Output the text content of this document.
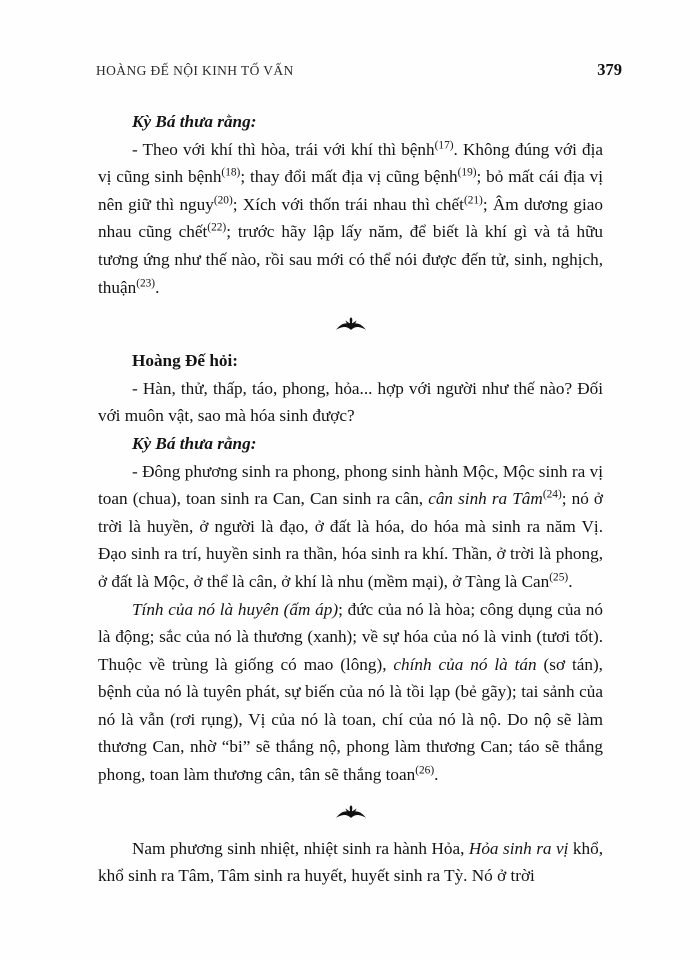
HOÀNG ĐẾ NỘI KINH TỐ VẤN	379

Kỳ Bá thưa rằng:

- Theo với khí thì hòa, trái với khí thì bệnh$^{(17)}$. Không đúng với địa vị cũng sinh bệnh$^{(18)}$; thay đổi mất địa vị cũng bệnh$^{(19)}$; bỏ mất cái địa vị nên giữ thì nguy$^{(20)}$; Xích với thốn trái nhau thì chết$^{(21)}$; Âm dương giao nhau cũng chết$^{(22)}$; trước hãy lập lấy năm, để biết là khí gì và tả hữu tương ứng như thế nào, rồi sau mới có thể nói được đến tử, sinh, nghịch, thuận$^{(23)}$.

Hoàng Đế hỏi:

- Hàn, thử, thấp, táo, phong, hỏa... hợp với người như thế nào? Đối với muôn vật, sao mà hóa sinh được?

Kỳ Bá thưa rằng:

- Đông phương sinh ra phong, phong sinh hành Mộc, Mộc sinh ra vị toan (chua), toan sinh ra Can, Can sinh ra cân, cân sinh ra Tâm$^{(24)}$; nó ở trời là huyền, ở người là đạo, ở đất là hóa, do hóa mà sinh ra năm Vị. Đạo sinh ra trí, huyền sinh ra thần, hóa sinh ra khí. Thần, ở trời là phong, ở đất là Mộc, ở thể là cân, ở khí là nhu (mềm mại), ở Tàng là Can$^{(25)}$.

Tính của nó là huyên (ấm áp); đức của nó là hòa; công dụng của nó là động; sắc của nó là thương (xanh); về sự hóa của nó là vinh (tươi tốt). Thuộc về trùng là giống có mao (lông), chính của nó là tán (sơ tán), bệnh của nó là tuyên phát, sự biến của nó là tồi lạp (bẻ gãy); tai sảnh của nó là vẫn (rơi rụng), Vị của nó là toan, chí của nó là nộ. Do nộ sẽ làm thương Can, nhờ “bi” sẽ thắng nộ, phong làm thương Can; táo sẽ thắng phong, toan làm thương cân, tân sẽ thắng toan$^{(26)}$.

Nam phương sinh nhiệt, nhiệt sinh ra hành Hỏa, Hỏa sinh ra vị khổ, khổ sinh ra Tâm, Tâm sinh ra huyết, huyết sinh ra Tỳ. Nó ở trời
